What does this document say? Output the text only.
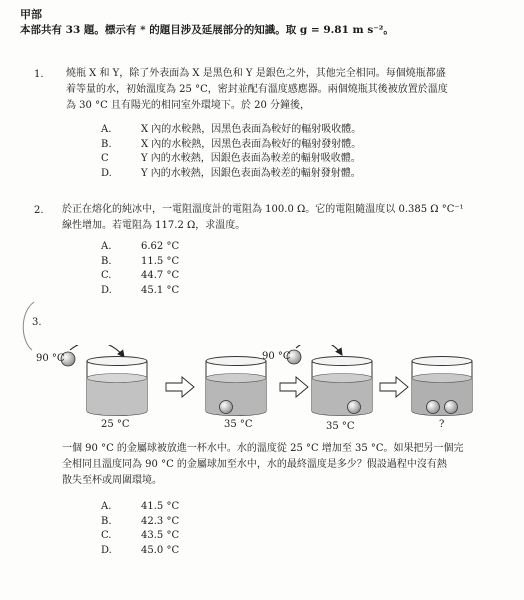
甲部
本部共有 33 題。標示有 * 的題目涉及延展部分的知識。取 g = 9.81 m s⁻²。
1. 燒瓶 X 和 Y，除了外表面為 X 是黑色和 Y 是銀色之外，其他完全相同。每個燒瓶都盛
着等量的水，初始溫度為 25 °C，密封並配有溫度感應器。兩個燒瓶其後被放置於溫度
為 30 °C 且有陽光的相同室外環境下。於 20 分鐘後，
A.	X 內的水較熱，因黑色表面為較好的輻射吸收體。
B.	X 內的水較熱，因黑色表面為較好的輻射發射體。
C	Y 內的水較熱，因銀色表面為較差的輻射吸收體。
D.	Y 內的水較熱，因銀色表面為較差的輻射發射體。
2. 於正在熔化的純冰中，一電阻溫度計的電阻為 100.0 Ω。它的電阻隨溫度以 0.385 Ω °C⁻¹
線性增加。若電阻為 117.2 Ω，求溫度。
A.	6.62 °C
B.	11.5 °C
C.	44.7 °C
D.	45.1 °C
3.
90 °C	90 °C
25 °C	35 °C	35 °C	?
一個 90 °C 的金屬球被放進一杯水中。水的溫度從 25 °C 增加至 35 °C。如果把另一個完
全相同且溫度同為 90 °C 的金屬球加至水中，水的最終溫度是多少？假設過程中沒有熱
散失至杯或周圍環境。
A.	41.5 °C
B.	42.3 °C
C.	43.5 °C
D.	45.0 °C
